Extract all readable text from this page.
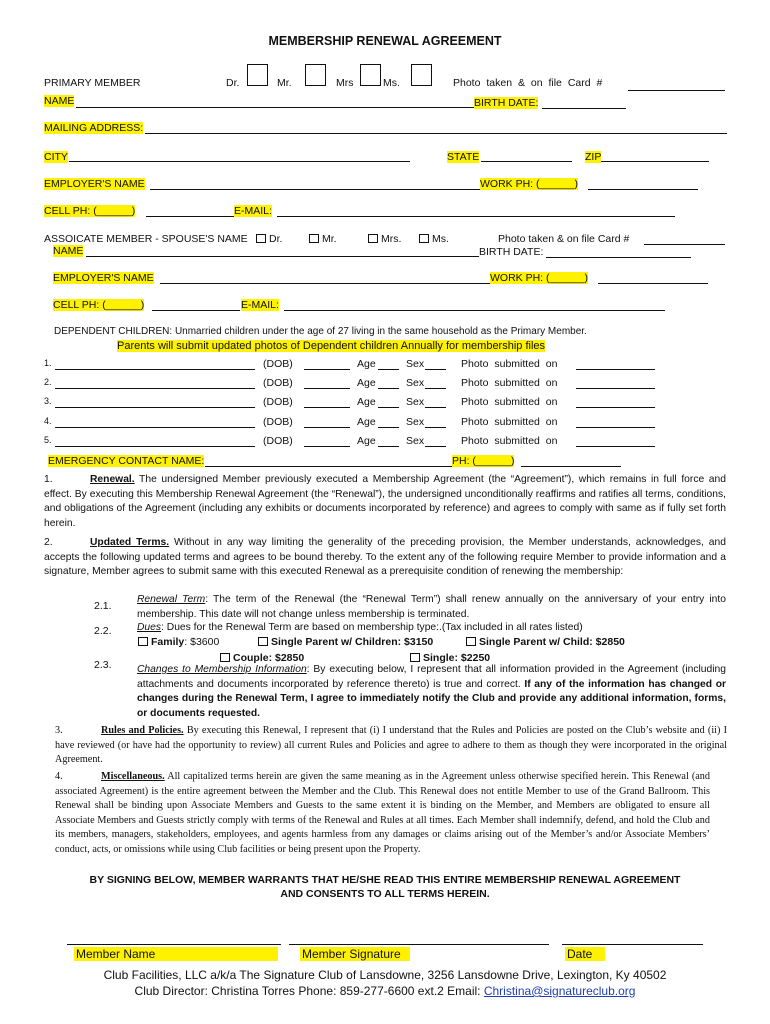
MEMBERSHIP RENEWAL AGREEMENT
PRIMARY MEMBER	Dr.	Mr.	Mrs	Ms.	Photo taken & on file Card #
NAME	BIRTH DATE:
MAILING ADDRESS:
CITY	STATE	ZIP
EMPLOYER'S NAME	WORK PH: (______)
CELL PH: (______)	E-MAIL:
ASSOICATE MEMBER - SPOUSE'S NAME	Dr.	Mr.	Mrs.	Ms.	Photo taken & on file Card #
NAME	BIRTH DATE:
EMPLOYER'S NAME	WORK PH: (______)
CELL PH: (______)	E-MAIL:
DEPENDENT CHILDREN: Unmarried children under the age of 27 living in the same household as the Primary Member.
Parents will submit updated photos of Dependent children Annually for membership files
1.	(DOB)	Age	Sex	Photo submitted on
2.	(DOB)	Age	Sex	Photo submitted on
3.	(DOB)	Age	Sex	Photo submitted on
4.	(DOB)	Age	Sex	Photo submitted on
5.	(DOB)	Age	Sex	Photo submitted on
EMERGENCY CONTACT NAME:	PH: (______)
1.	Renewal. The undersigned Member previously executed a Membership Agreement (the “Agreement”), which remains in full force and effect. By executing this Membership Renewal Agreement (the “Renewal”), the undersigned unconditionally reaffirms and ratifies all terms, conditions, and obligations of the Agreement (including any exhibits or documents incorporated by reference) and agrees to comply with same as if fully set forth herein.
2.	Updated Terms. Without in any way limiting the generality of the preceding provision, the Member understands, acknowledges, and accepts the following updated terms and agrees to be bound thereby. To the extent any of the following require Member to provide information and a signature, Member agrees to submit same with this executed Renewal as a prerequisite condition of renewing the membership:
2.1.
Renewal Term: The term of the Renewal (the “Renewal Term”) shall renew annually on the anniversary of your entry into membership. This date will not change unless membership is terminated.
2.2. Dues: Dues for the Renewal Term are based on membership type:.(Tax included in all rates listed)
Family: $3600	Single Parent w/ Children: $3150	Single Parent w/ Child: $2850
Couple: $2850	Single: $2250
2.3. Changes to Membership Information: By executing below, I represent that all information provided in the Agreement (including attachments and documents incorporated by reference thereto) is true and correct. If any of the information has changed or changes during the Renewal Term, I agree to immediately notify the Club and provide any additional information, forms, or documents requested.
3.	Rules and Policies. By executing this Renewal, I represent that (i) I understand that the Rules and Policies are posted on the Club’s website and (ii) I have reviewed (or have had the opportunity to review) all current Rules and Policies and agree to adhere to them as though they were incorporated in the original Agreement.
4.	Miscellaneous. All capitalized terms herein are given the same meaning as in the Agreement unless otherwise specified herein. This Renewal (and associated Agreement) is the entire agreement between the Member and the Club. This Renewal does not entitle Member to use of the Grand Ballroom. This Renewal shall be binding upon Associate Members and Guests to the same extent it is binding on the Member, and Members are obligated to ensure all Associate Members and Guests strictly comply with terms of the Renewal and Rules at all times. Each Member shall indemnify, defend, and hold the Club and its members, managers, stakeholders, employees, and agents harmless from any damages or claims arising out of the Member’s and/or Associate Members’ conduct, acts, or omissions while using Club facilities or being present upon the Property.
BY SIGNING BELOW, MEMBER WARRANTS THAT HE/SHE READ THIS ENTIRE MEMBERSHIP RENEWAL AGREEMENT
AND CONSENTS TO ALL TERMS HEREIN.
Member Name	Member Signature	Date
Club Facilities, LLC a/k/a The Signature Club of Lansdowne, 3256 Lansdowne Drive, Lexington, Ky 40502
Club Director: Christina Torres Phone: 859-277-6600 ext.2 Email: Christina@signatureclub.org
